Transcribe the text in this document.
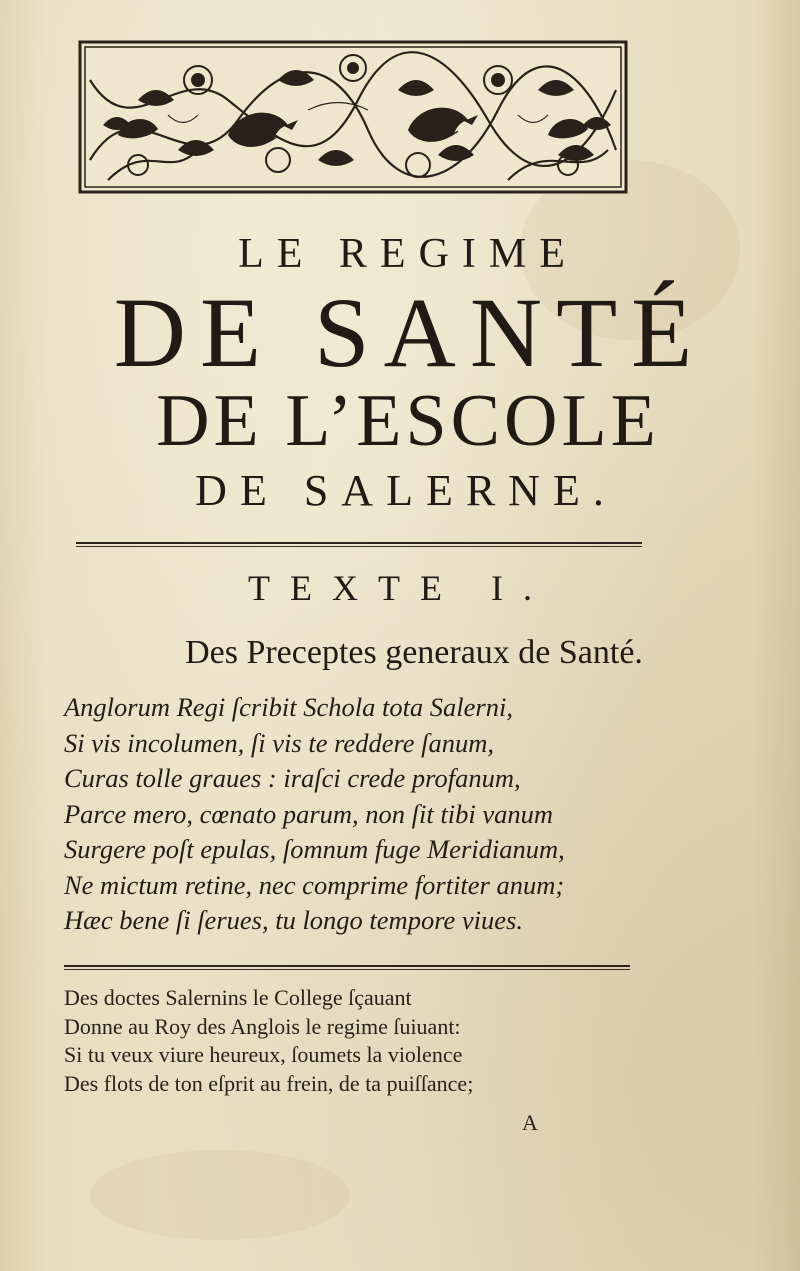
LE REGIME
DE SANTÉ
DE L’ESCOLE
DE SALERNE.
TEXTE I.
Des Preceptes generaux de Santé.
Anglorum Regi ſcribit Schola tota Salerni,
Si vis incolumen, ſi vis te reddere ſanum,
Curas tolle graues : iraſci crede profanum,
Parce mero, cœnato parum, non ſit tibi vanum
Surgere poſt epulas, ſomnum fuge Meridianum,
Ne mictum retine, nec comprime fortiter anum;
Hæc bene ſi ſerues, tu longo tempore viues.
Des doctes Salernins le College ſçauant
Donne au Roy des Anglois le regime ſuiuant:
Si tu veux viure heureux, ſoumets la violence
Des flots de ton eſprit au frein, de ta puiſſance;
A
